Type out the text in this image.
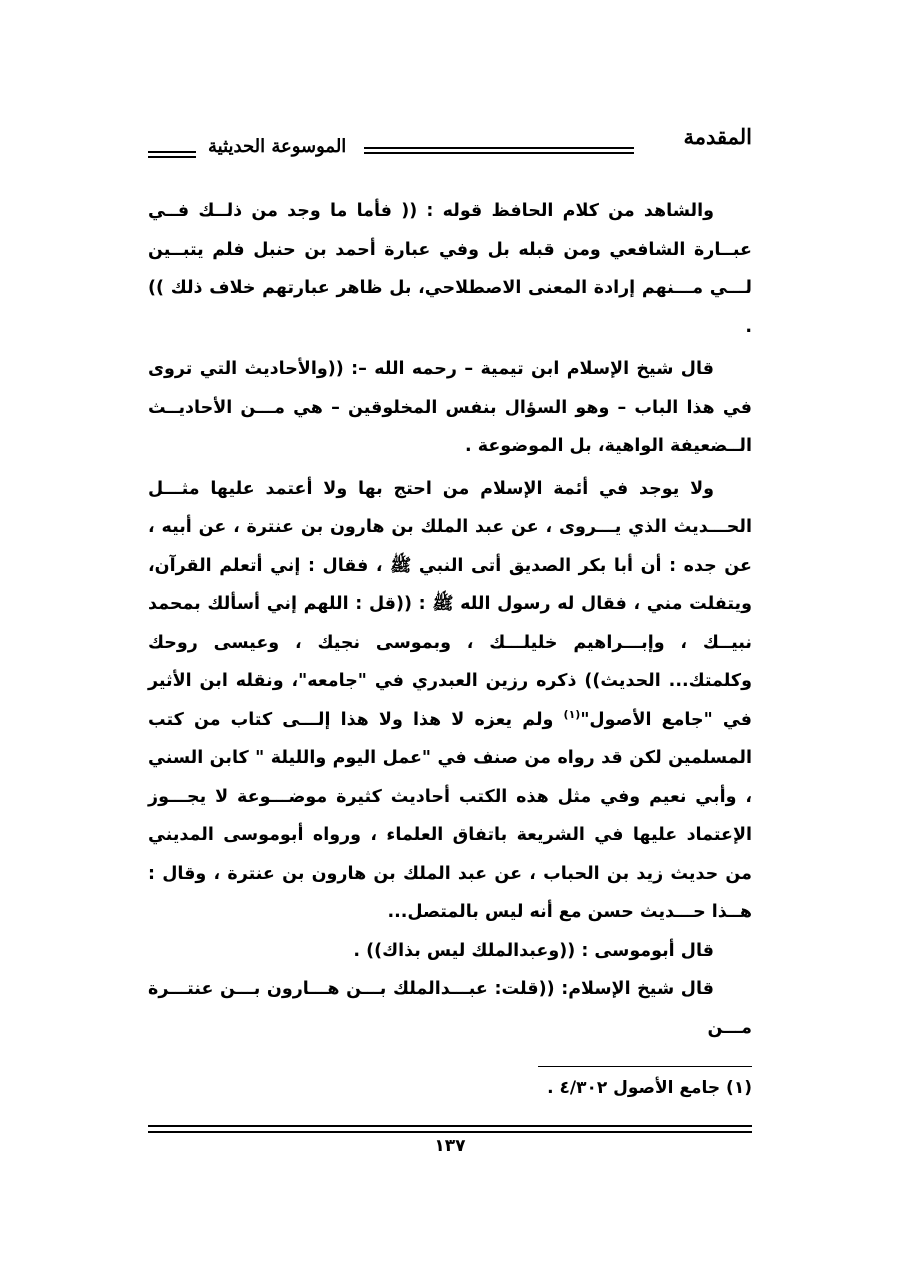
المقدمة
الموسوعة الحديثية

والشاهد من كلام الحافظ قوله : (( فأما ما وجد من ذلــك فــي عبــارة الشافعي ومن قبله بل وفي عبارة أحمد بن حنبل فلم يتبــين لـــي مـــنهم إرادة المعنى الاصطلاحي، بل ظاهر عبارتهم خلاف ذلك )) .

قال شيخ الإسلام ابن تيمية – رحمه الله –: ((والأحاديث التي تروى في هذا الباب – وهو السؤال بنفس المخلوقين – هي مـــن الأحاديــث الــضعيفة الواهية، بل الموضوعة .

ولا يوجد في أئمة الإسلام من احتج بها ولا أعتمد عليها مثـــل الحـــديث الذي يـــروى ، عن عبد الملك بن هارون بن عنترة ، عن أبيه ، عن جده : أن أبا بكر الصديق أتى النبي ﷺ ، فقال : إني أتعلم القرآن، ويتفلت مني ، فقال له رسول الله ﷺ : ((قل : اللهم إني أسألك بمحمد نبيــك ، وإبـــراهيم خليلـــك ، وبموسى نجيك ، وعيسى روحك وكلمتك... الحديث)) ذكره رزين العبدري في "جامعه"، ونقله ابن الأثير في "جامع الأصول"$^{(١)}$ ولم يعزه لا هذا ولا هذا إلـــى كتاب من كتب المسلمين لكن قد رواه من صنف في "عمل اليوم والليلة " كابن السني ، وأبي نعيم وفي مثل هذه الكتب أحاديث كثيرة موضـــوعة لا يجـــوز الإعتماد عليها في الشريعة باتفاق العلماء ، ورواه أبوموسى المديني من حديث زيد بن الحباب ، عن عبد الملك بن هارون بن عنترة ، وقال : هــذا حـــديث حسن مع أنه ليس بالمتصل...

قال أبوموسى : ((وعبدالملك ليس بذاك)) .

قال شيخ الإسلام: ((قلت: عبـــدالملك بـــن هـــارون بـــن عنتـــرة مـــن

(١) جامع الأصول ٤/٣٠٢ .
١٣٧
